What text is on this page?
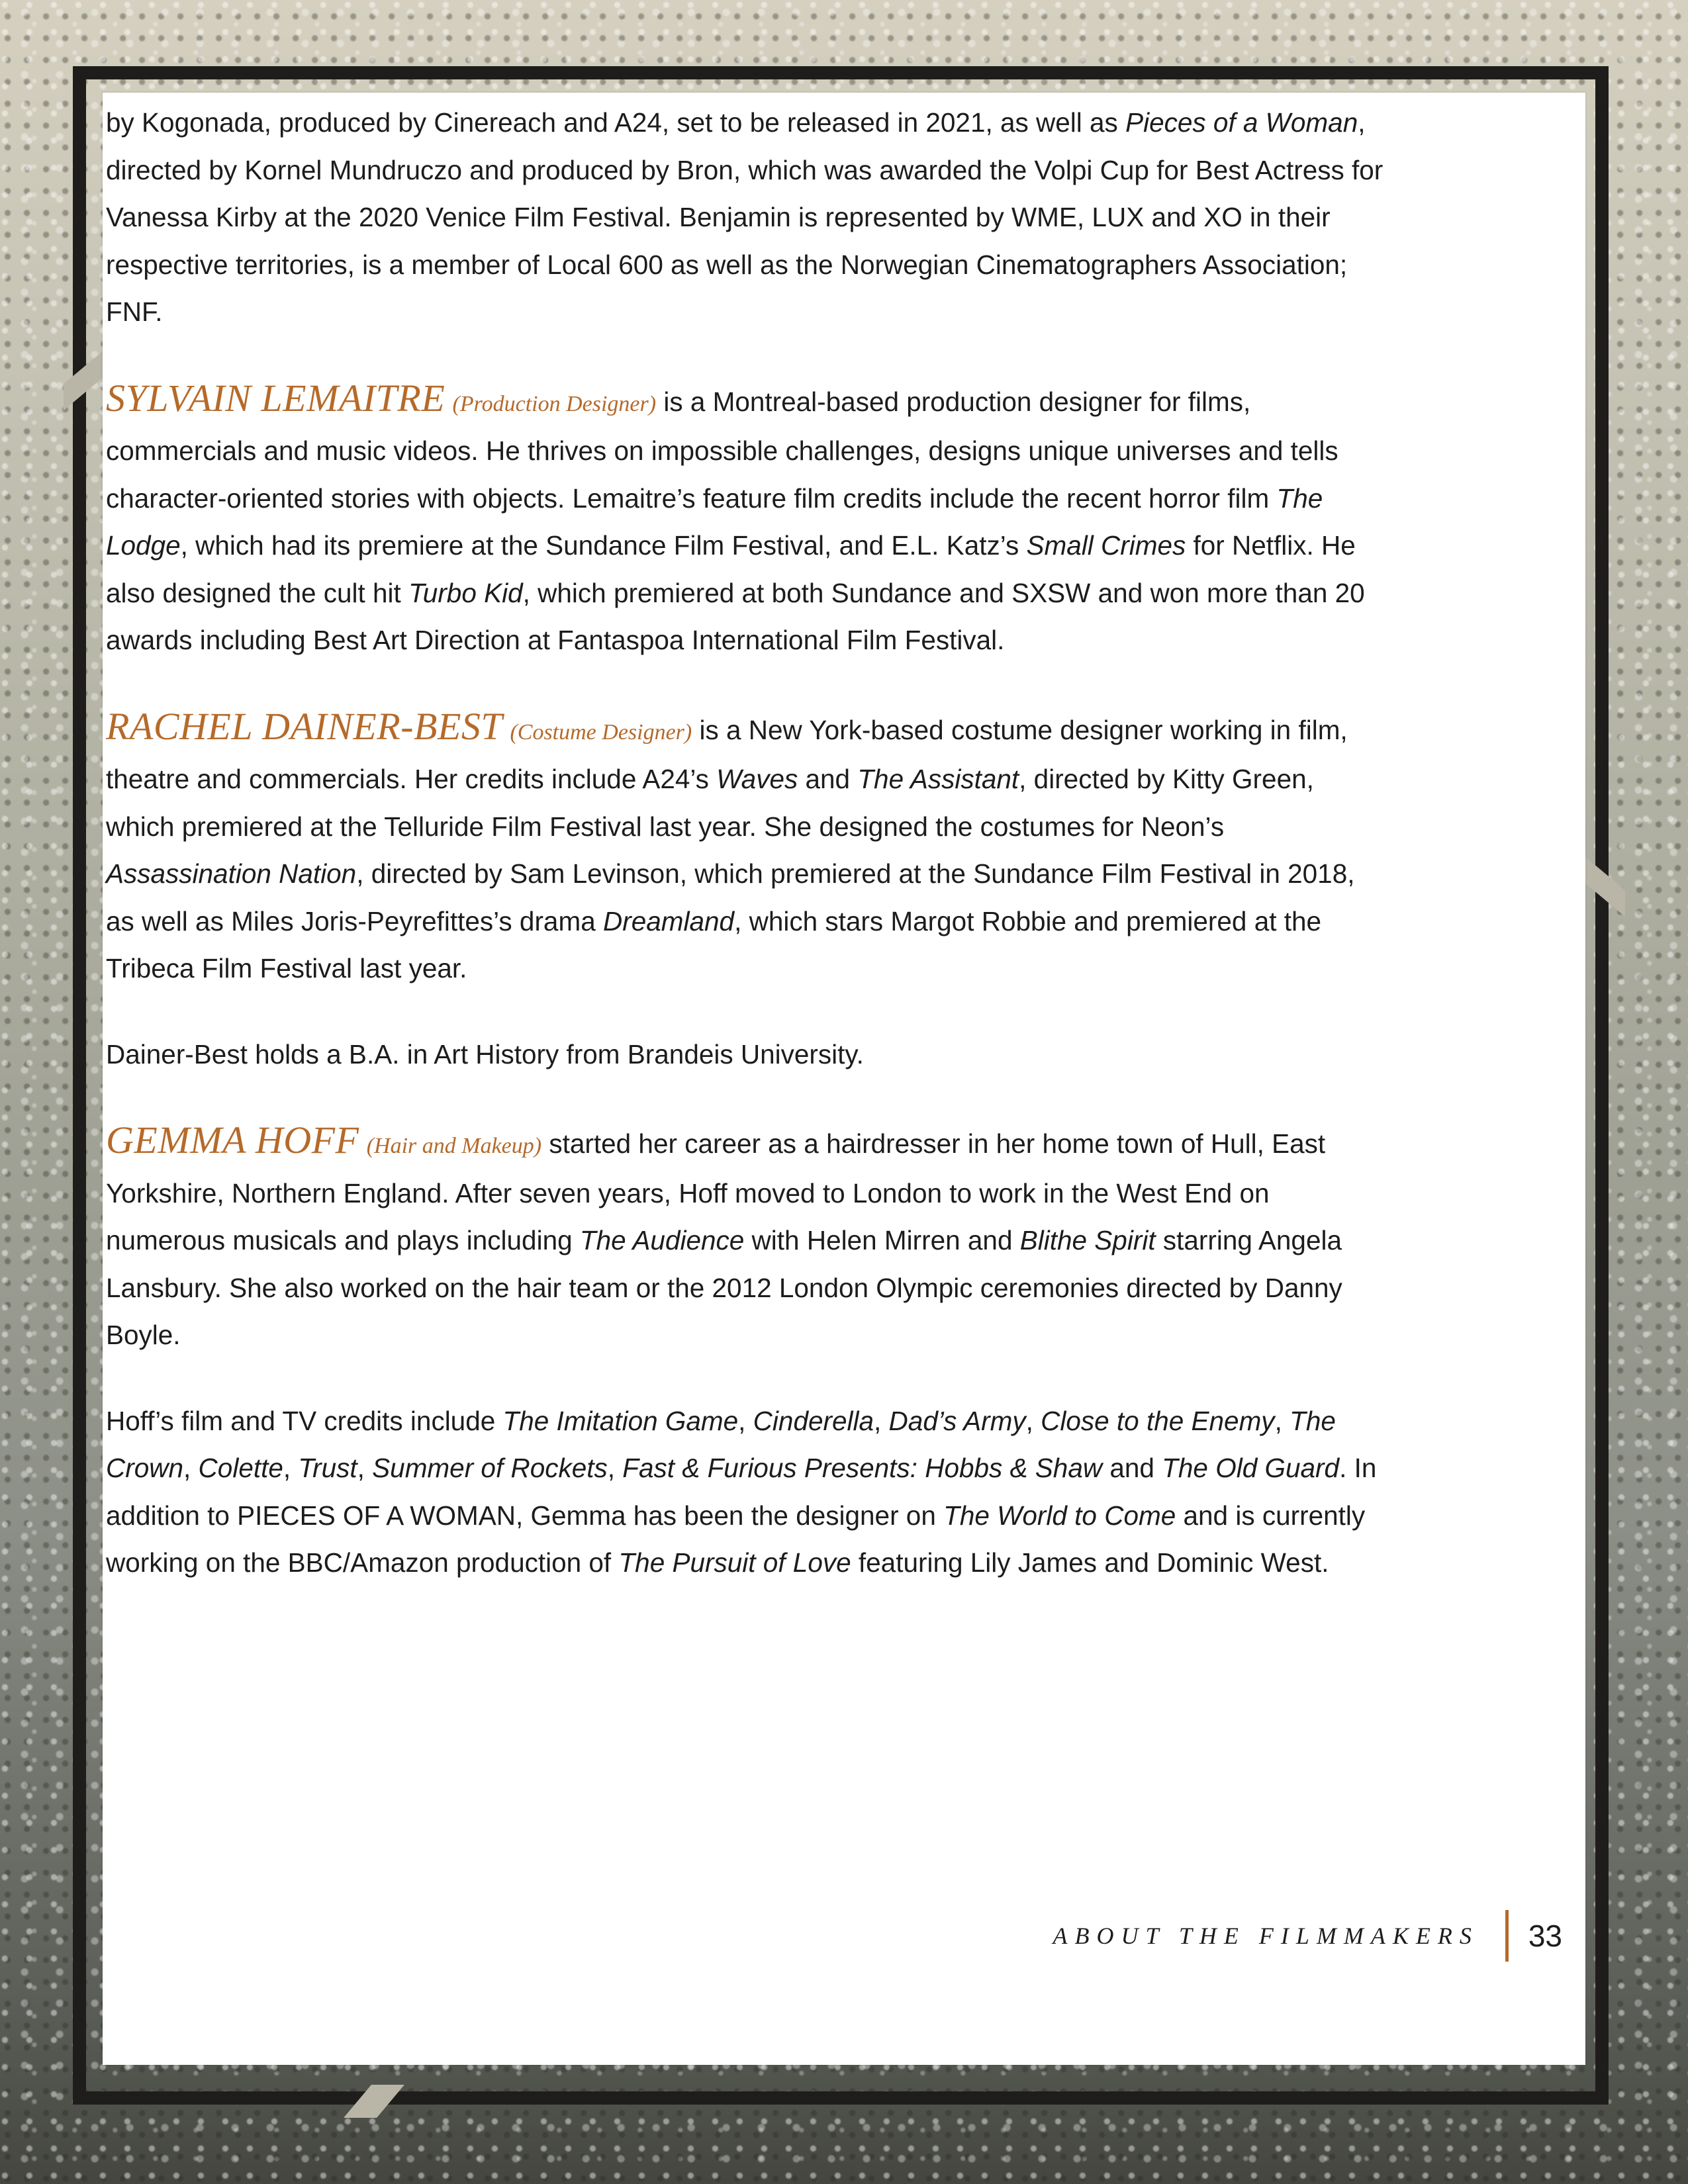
by Kogonada, produced by Cinereach and A24, set to be released in 2021, as well as Pieces of a Woman, directed by Kornel Mundruczo and produced by Bron, which was awarded the Volpi Cup for Best Actress for Vanessa Kirby at the 2020 Venice Film Festival. Benjamin is represented by WME, LUX and XO in their respective territories, is a member of Local 600 as well as the Norwegian Cinematographers Association; FNF.

SYLVAIN LEMAITRE (Production Designer) is a Montreal-based production designer for films, commercials and music videos. He thrives on impossible challenges, designs unique universes and tells character-oriented stories with objects. Lemaitre’s feature film credits include the recent horror film The Lodge, which had its premiere at the Sundance Film Festival, and E.L. Katz’s Small Crimes for Netflix. He also designed the cult hit Turbo Kid, which premiered at both Sundance and SXSW and won more than 20 awards including Best Art Direction at Fantaspoa International Film Festival.

RACHEL DAINER-BEST (Costume Designer) is a New York-based costume designer working in film, theatre and commercials. Her credits include A24’s Waves and The Assistant, directed by Kitty Green, which premiered at the Telluride Film Festival last year. She designed the costumes for Neon’s Assassination Nation, directed by Sam Levinson, which premiered at the Sundance Film Festival in 2018, as well as Miles Joris-Peyrefittes’s drama Dreamland, which stars Margot Robbie and premiered at the Tribeca Film Festival last year.

Dainer-Best holds a B.A. in Art History from Brandeis University.

GEMMA HOFF (Hair and Makeup) started her career as a hairdresser in her home town of Hull, East Yorkshire, Northern England. After seven years, Hoff moved to London to work in the West End on numerous musicals and plays including The Audience with Helen Mirren and Blithe Spirit starring Angela Lansbury. She also worked on the hair team or the 2012 London Olympic ceremonies directed by Danny Boyle.

Hoff’s film and TV credits include The Imitation Game, Cinderella, Dad’s Army, Close to the Enemy, The Crown, Colette, Trust, Summer of Rockets, Fast & Furious Presents: Hobbs & Shaw and The Old Guard. In addition to PIECES OF A WOMAN, Gemma has been the designer on The World to Come and is currently working on the BBC/Amazon production of The Pursuit of Love featuring Lily James and Dominic West.

ABOUT THE FILMMAKERS 33
